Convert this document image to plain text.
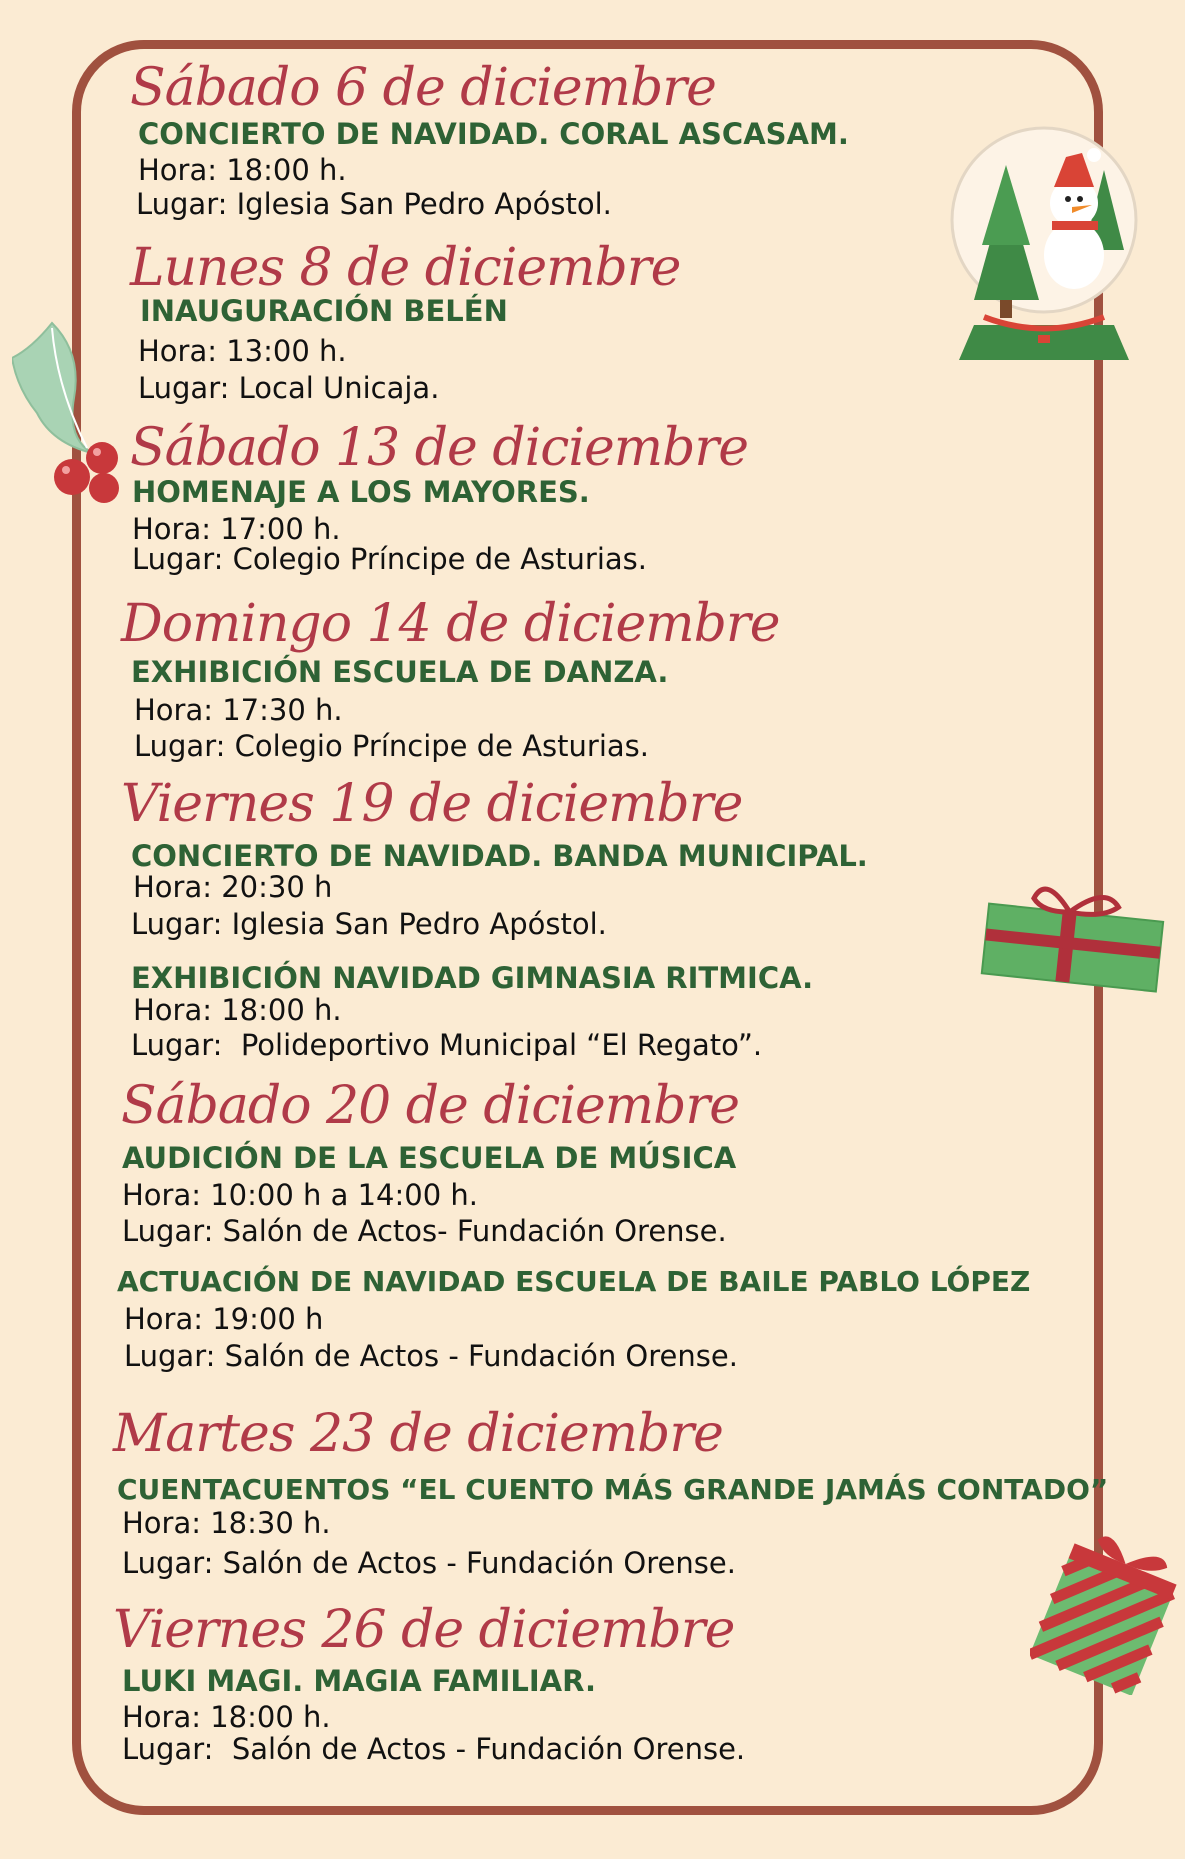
Sábado 6 de diciembre
CONCIERTO DE NAVIDAD. CORAL ASCASAM.
Hora: 18:00 h.
Lugar: Iglesia San Pedro Apóstol.
Lunes 8 de diciembre
INAUGURACIÓN BELÉN
Hora: 13:00 h.
Lugar: Local Unicaja.
Sábado 13 de diciembre
HOMENAJE A LOS MAYORES.
Hora: 17:00 h.
Lugar: Colegio Príncipe de Asturias.
Domingo 14 de diciembre
EXHIBICIÓN ESCUELA DE DANZA.
Hora: 17:30 h.
Lugar: Colegio Príncipe de Asturias.
Viernes 19 de diciembre
CONCIERTO DE NAVIDAD. BANDA MUNICIPAL.
Hora: 20:30 h
Lugar: Iglesia San Pedro Apóstol.
EXHIBICIÓN NAVIDAD GIMNASIA RITMICA.
Hora: 18:00 h.
Lugar:  Polideportivo Municipal “El Regato”.
Sábado 20 de diciembre
AUDICIÓN DE LA ESCUELA DE MÚSICA
Hora: 10:00 h a 14:00 h.
Lugar: Salón de Actos- Fundación Orense.
ACTUACIÓN DE NAVIDAD ESCUELA DE BAILE PABLO LÓPEZ
Hora: 19:00 h
Lugar: Salón de Actos - Fundación Orense.
Martes 23 de diciembre
CUENTACUENTOS “EL CUENTO MÁS GRANDE JAMÁS CONTADO”
Hora: 18:30 h.
Lugar: Salón de Actos - Fundación Orense.
Viernes 26 de diciembre
LUKI MAGI. MAGIA FAMILIAR.
Hora: 18:00 h.
Lugar:  Salón de Actos - Fundación Orense.
